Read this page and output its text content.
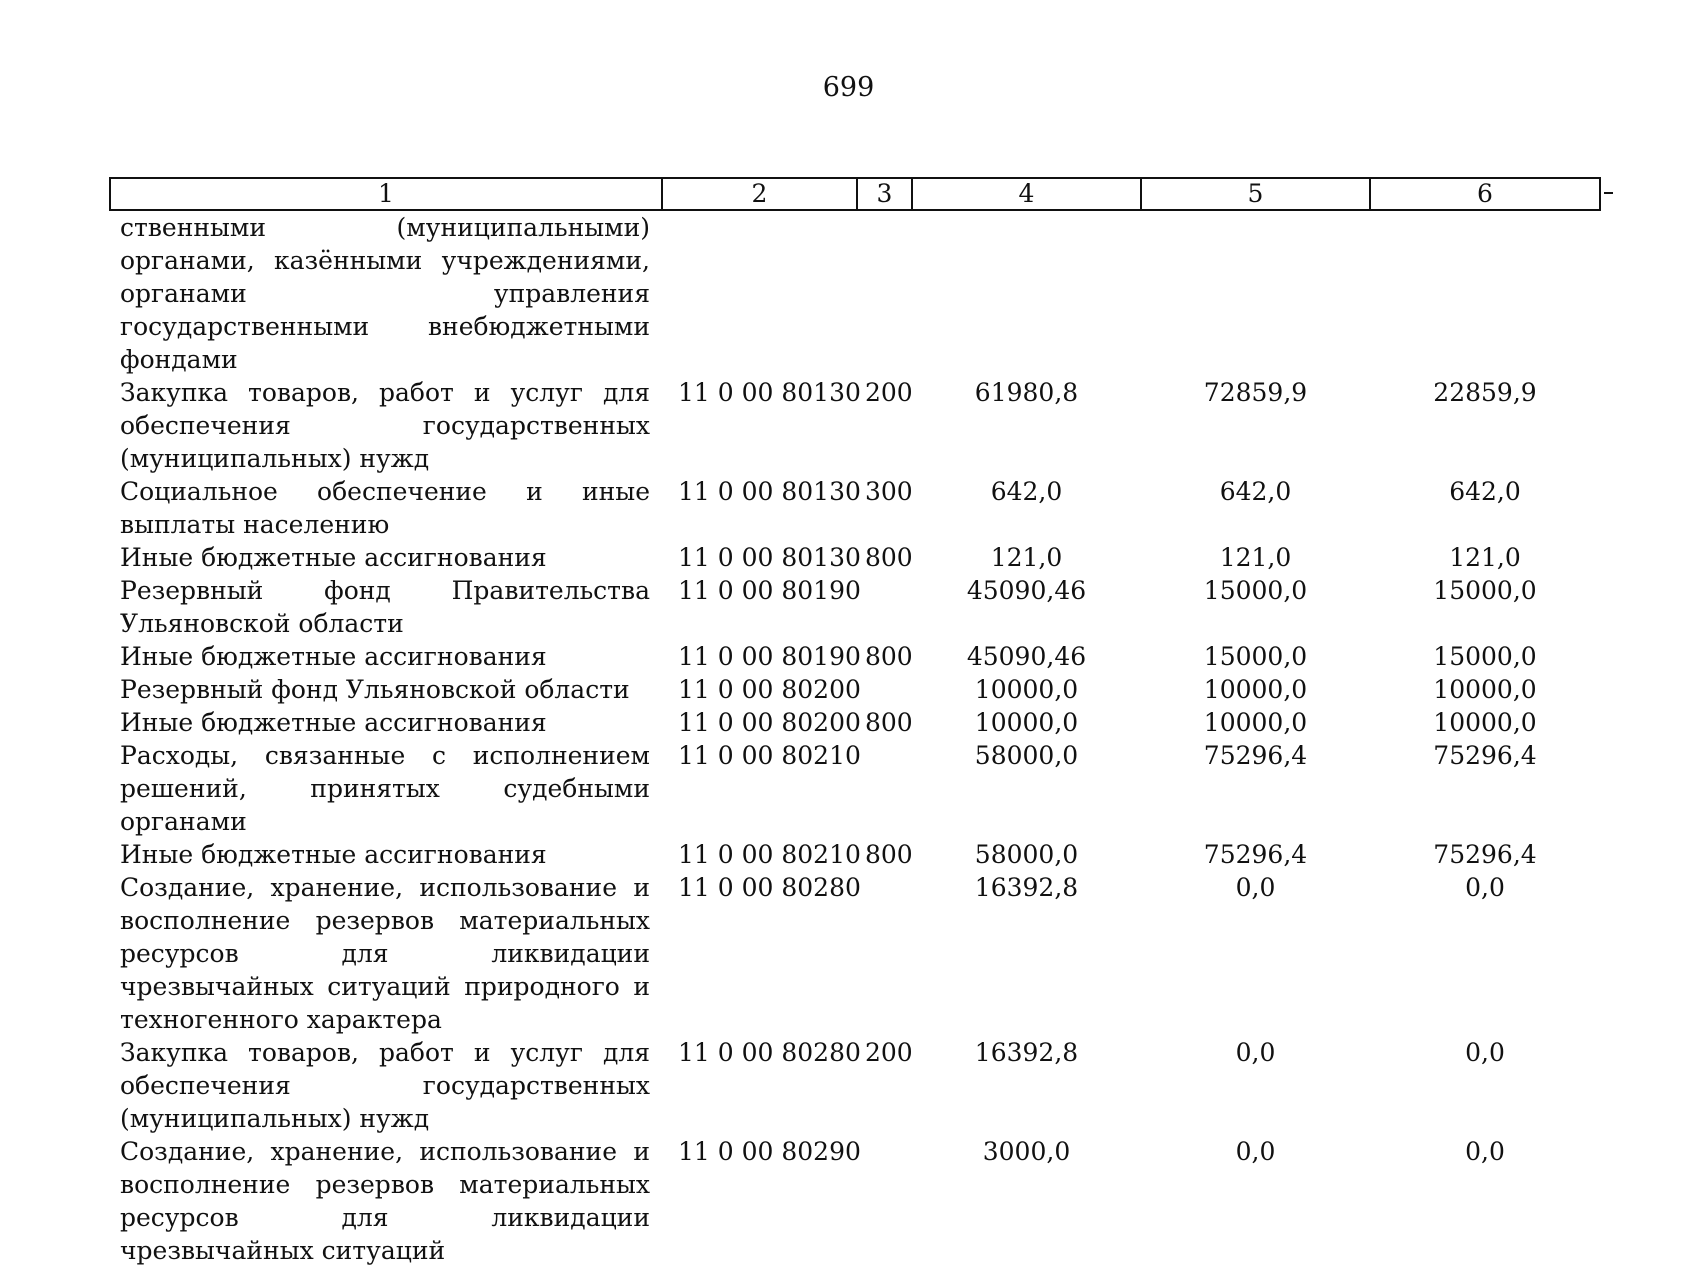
699
1	2	3	4	5	6
ственными (муниципальными) органами, казёнными учреждениями, органами управления государственными внебюджетными фондами					
Закупка товаров, работ и услуг для обеспечения государственных (муниципальных) нужд	11 0 00 80130	200	61980,8	72859,9	22859,9
Социальное обеспечение и иные выплаты населению	11 0 00 80130	300	642,0	642,0	642,0
Иные бюджетные ассигнования	11 0 00 80130	800	121,0	121,0	121,0
Резервный фонд Правительства Ульяновской области	11 0 00 80190		45090,46	15000,0	15000,0
Иные бюджетные ассигнования	11 0 00 80190	800	45090,46	15000,0	15000,0
Резервный фонд Ульяновской области	11 0 00 80200		10000,0	10000,0	10000,0
Иные бюджетные ассигнования	11 0 00 80200	800	10000,0	10000,0	10000,0
Расходы, связанные с исполнением решений, принятых судебными органами	11 0 00 80210		58000,0	75296,4	75296,4
Иные бюджетные ассигнования	11 0 00 80210	800	58000,0	75296,4	75296,4
Создание, хранение, использование и восполнение резервов материальных ресурсов для ликвидации чрезвычайных ситуаций природного и техногенного характера	11 0 00 80280		16392,8	0,0	0,0
Закупка товаров, работ и услуг для обеспечения государственных (муниципальных) нужд	11 0 00 80280	200	16392,8	0,0	0,0
Создание, хранение, использование и восполнение резервов материальных ресурсов для ликвидации чрезвычайных ситуаций	11 0 00 80290		3000,0	0,0	0,0
